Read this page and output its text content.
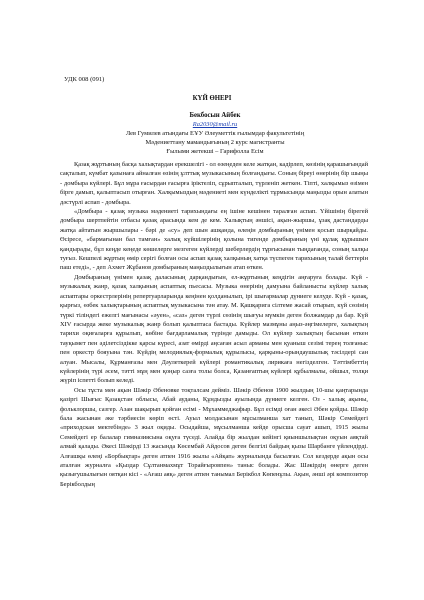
УДК 008 (091)
КҮЙ ӨНЕРІ
Бекбосын Айбек
Ra2030@mail.ru
Лев Гумилев атындағы ЕҰУ Әлеуметтік ғылымдар факультетінің
Мәдениеттану мамандығының 2 курс магистранты
Ғылыми жетекші – Гарифолла Есім

Қазақ жұртының басқа халықтардан ерекшелігі - ол өзеңеден келе жатқан, кадірлеп, көзінің қарашығындай сақталып, күмбат қазынаға айналған өзінің ұлттық музыкасының болғандығы. Соның біреуі өнерінің бір шыңы - домбыра күйлері. Бұл мұра ғасырдан ғасырға іріктеліп, сұрыпталып, түрленіп жеткен. Тіпті, халқымыз өзімен бірге дамып, қалыптасып отырған. Халқымыздың мәдениеті мен күнделікті тұрмысында маңызды орын алатын дәстүрлі аспап - домбыра.

«Домбыра - қазақ музыка мәдениеті тарихындағы ең ішіне кешінен таралған аспап. Үйішінің бірегей домбыра шертпейтін отбасы қазақ арасында кем де кем. Халықтың әншісі, ақын-жыршы, ұзақ дастандарды жатқа айтатын жыршылары - бәрі де «су» деп шын ашқанда, өлеңін домбыраның үнімен қосып шырқайды. Өсіресе, «бармағынан бал тамған» халық күйшілерінің қолына тигенде домбыраның үні құлақ құрышын қандырады, бұл кеңде кеңеде көшелерге мезгеген күйлерді шеберлердің тұрғысынан тыңдағанда, соның халқы туғыз. Кешпелі жұртың өмір серігі болған осы аспап қазақ халқының хатқа түспеген тарихының талай беттерін паш етеді», - деп Ахмет Жұбанов домбыраның маңыздылығын атап өткен.

Домбыраның үнімен қазақ даласының дарқандығын, ел-жұртының кеңдігін аңғаруға болады. Күй - музыкалық жанр, қазақ халқының аспаптық пьесасы. Музыка өнерінің дамуына байланысты күйлер халық аспаптары оркестрлерінің репертуарларында кеңінен қолданылып, ірі шығармалар дүниеге келуде. Күй - қазақ, қырғыз, өзбек халықтарының аспаптық музыкасына тән атау. М. Қашқарига сілтеме жасай отырып, күй сөзінің түркі тіліндегі ежелгі мағынасы «әуен», «саз» деген түрлі сөзінің шығуы мүмкін деген болжамдар да бар. Күй XIV ғасырда жеке музыкалық жанр болып қалыптаса бастады. Күйлер мазмұны аңыз-әңгімелерге, халықтың тарихи оқиғаларға құрылып, көбіне бағдарламалық түрінде дамыды. Ол күйлер халықтың басынан өткен тауқымет пен әділетсіздікке қарсы күресі, азат өмірді аңсаған асыл арманы мен қуаныш сезімі терең толғаныс пен оркестр бояуына тән. Күйдің мелодиялық-формалық құрылысы, қарқыны-орындаушылық тәсілдері сан алуан. Мысалы, Құрманғазы мен Дәулеткерей күйлері романтикалық лирикаға негізделген. Тәттімбеттің күйлерінің түрі әсем, тәтті мұң мен қоңыр сазға толы болса, Қазанғаптың күйлері құбылмалы, ойшыл, толқи жүріп іспетті болып келеді.

Осы тұста мен ақын Шәкір Әбеновке тоқталсам дейміз. Шәкір Әбенов 1900 жылдың 10-шы қаңтарында қазіргі Шығыс Қазақстан облысы, Абай ауданы, Құндызды ауылында дүниеге келген. Оз - халық ақыны, фольклоршы, сазгер. Азан шақырып қойған есімі - Мұхаммеджафыр. Бұл есімді оған әкесі Әбен қойды. Шәкір бала жасынан әке тәрбиесін көріп өсті. Ауыл молдасынан мұсылманша хат танып, Шәкір Семейдегі «приходская мектебінде» 3 жыл оқиды. Осыдайша, мұсылманша кейде орысша сауат ашып, 1915 жылы Семейдегі ер балалар гимназиясына оқуға түседі. Алайда бір жылдан кейінгі қиыншылықтан оқуын аяқтай алмай қалады. Әкесі Шәкірді 13 жасында Көсембай Айдосов деген белгілі байдың қызы Шарбанге үйлендірді. Алғашқы өлеңі «Борбықтар» деген атпен 1916 жылы «Айқап» журналында басылған. Сол кездерде ақын осы аталған журналға «Қыздар Сұлтанмахмұт Торайғыровпен» таныс болады. Жас Шәкірдің өнерге деген қызығушылығын оятқан кісі - «Ағаш аяқ» деген атпен танымал Берікбол Көпенұлы. Ақын, әнші әрі композитор Берікболдың
